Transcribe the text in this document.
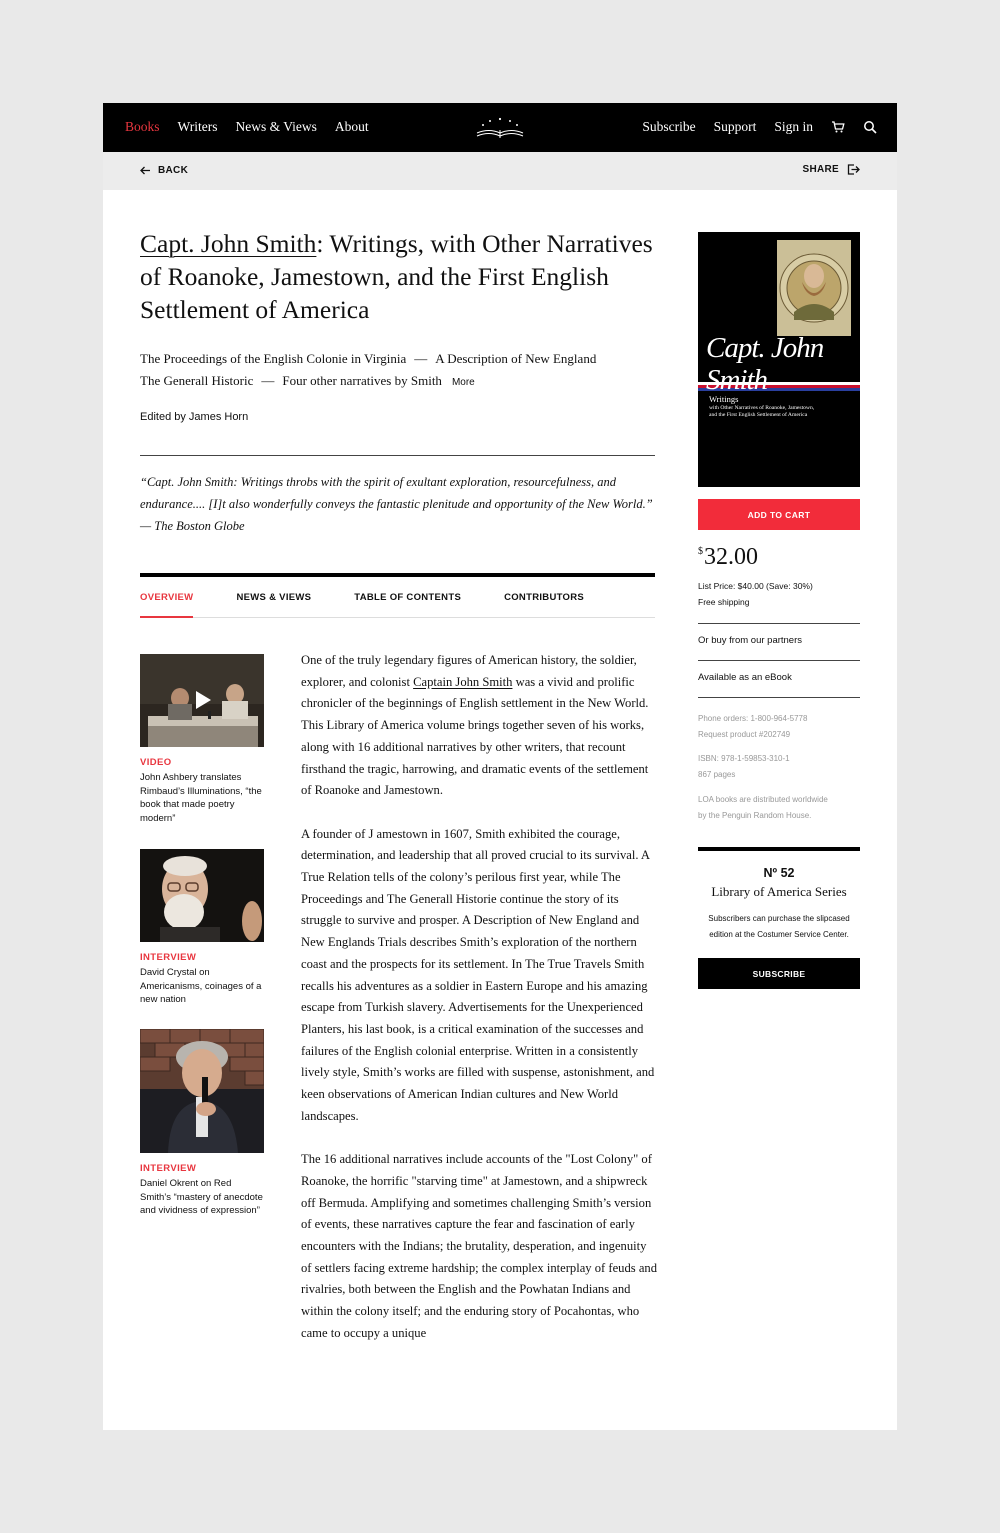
Books Writers News & Views About	Subscribe Support Sign in
BACK	SHARE
Capt. John Smith: Writings, with Other Narratives of Roanoke, Jamestown, and the First English Settlement of America
The Proceedings of the English Colonie in Virginia — A Description of New England
The Generall Historic — Four other narratives by Smith More
Edited by James Horn
“Capt. John Smith: Writings throbs with the spirit of exultant exploration, resourcefulness, and endurance.... [I]t also wonderfully conveys the fantastic plenitude and opportunity of the New World.” — The Boston Globe
OVERVIEW	NEWS & VIEWS	TABLE OF CONTENTS	CONTRIBUTORS
VIDEO
John Ashbery translates Rimbaud’s Illuminations, “the book that made poetry modern”
INTERVIEW
David Crystal on Americanisms, coinages of a new nation
INTERVIEW
Daniel Okrent on Red Smith’s “mastery of anecdote and vividness of expression”

One of the truly legendary figures of American history, the soldier, explorer, and colonist Captain John Smith was a vivid and prolific chronicler of the beginnings of English settlement in the New World. This Library of America volume brings together seven of his works, along with 16 additional narratives by other writers, that recount firsthand the tragic, harrowing, and dramatic events of the settlement of Roanoke and Jamestown.

A founder of J amestown in 1607, Smith exhibited the courage, determination, and leadership that all proved crucial to its survival. A True Relation tells of the colony’s perilous first year, while The Proceedings and The Generall Historie continue the story of its struggle to survive and prosper. A Description of New England and New Englands Trials describes Smith’s exploration of the northern coast and the prospects for its settlement. In The True Travels Smith recalls his adventures as a soldier in Eastern Europe and his amazing escape from Turkish slavery. Advertisements for the Unexperienced Planters, his last book, is a critical examination of the successes and failures of the English colonial enterprise. Written in a consistently lively style, Smith’s works are filled with suspense, astonishment, and keen observations of American Indian cultures and New World landscapes.

The 16 additional narratives include accounts of the "Lost Colony" of Roanoke, the horrific "starving time" at Jamestown, and a shipwreck off Bermuda. Amplifying and sometimes challenging Smith’s version of events, these narratives capture the fear and fascination of early encounters with the Indians; the brutality, desperation, and ingenuity of settlers facing extreme hardship; the complex interplay of feuds and rivalries, both between the English and the Powhatan Indians and within the colony itself; and the enduring story of Pocahontas, who came to occupy a unique

Capt. John Smith
Writings
with Other Narratives of Roanoke, Jamestown,
and the First English Settlement of America
ADD TO CART
$32.00
List Price: $40.00 (Save: 30%)
Free shipping
Or buy from our partners
Available as an eBook
Phone orders: 1-800-964-5778
Request product #202749
ISBN: 978-1-59853-310-1
867 pages
LOA books are distributed worldwide
by the Penguin Random House.
Nº 52
Library of America Series
Subscribers can purchase the slipcased edition at the Costumer Service Center.
SUBSCRIBE
